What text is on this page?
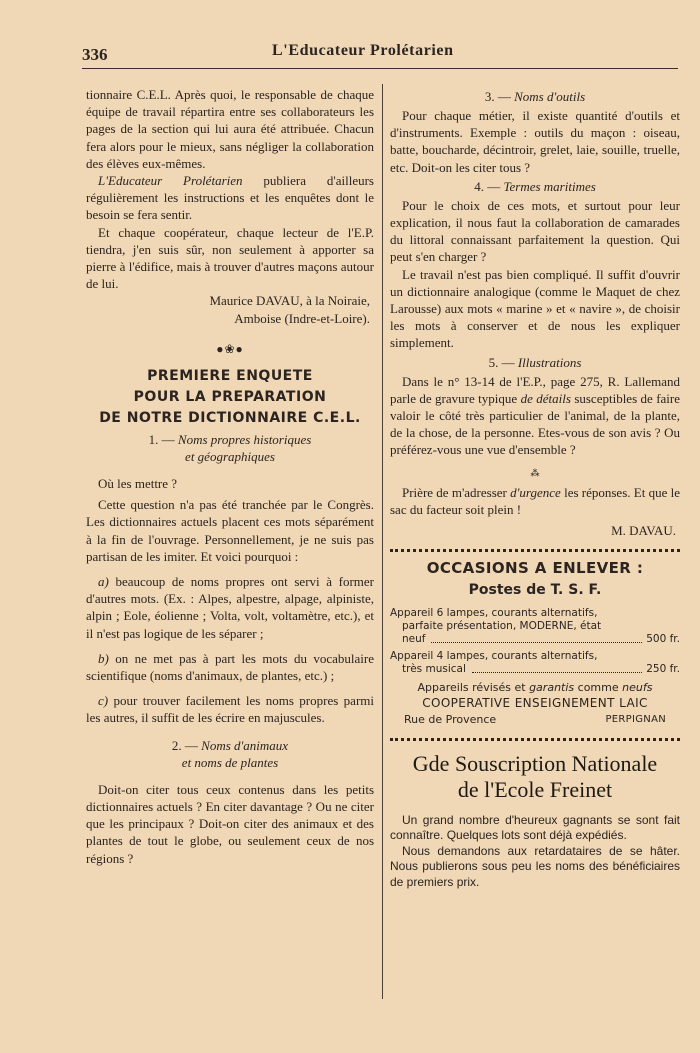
336	L'Educateur Prolétarien

tionnaire C.E.L. Après quoi, le responsable de chaque équipe de travail répartira entre ses collaborateurs les pages de la section qui lui aura été attribuée. Chacun fera alors pour le mieux, sans négliger la collaboration des élèves eux-mêmes.

L'Educateur Prolétarien publiera d'ailleurs régulièrement les instructions et les enquêtes dont le besoin se fera sentir.

Et chaque coopérateur, chaque lecteur de l'E.P. tiendra, j'en suis sûr, non seulement à apporter sa pierre à l'édifice, mais à trouver d'autres maçons autour de lui.

Maurice DAVAU, à la Noiraie,

Amboise (Indre-et-Loire).

●❀●
PREMIERE ENQUETE
POUR LA PREPARATION
DE NOTRE DICTIONNAIRE C.E.L.
1. — Noms propres historiques
et géographiques

Où les mettre ?

Cette question n'a pas été tranchée par le Congrès. Les dictionnaires actuels placent ces mots séparément à la fin de l'ouvrage. Personnellement, je ne suis pas partisan de les imiter. Et voici pourquoi :

a) beaucoup de noms propres ont servi à former d'autres mots. (Ex. : Alpes, alpestre, alpage, alpiniste, alpin ; Eole, éolienne ; Volta, volt, voltamètre, etc.), et il n'est pas logique de les séparer ;

b) on ne met pas à part les mots du vocabulaire scientifique (noms d'animaux, de plantes, etc.) ;

c) pour trouver facilement les noms propres parmi les autres, il suffit de les écrire en majuscules.

2. — Noms d'animaux
et noms de plantes

Doit-on citer tous ceux contenus dans les petits dictionnaires actuels ? En citer davantage ? Ou ne citer que les principaux ? Doit-on citer des animaux et des plantes de tout le globe, ou seulement ceux de nos régions ?

3. — Noms d'outils

Pour chaque métier, il existe quantité d'outils et d'instruments. Exemple : outils du maçon : oiseau, batte, boucharde, décintroir, grelet, laie, souille, truelle, etc. Doit-on les citer tous ?

4. — Termes maritimes

Pour le choix de ces mots, et surtout pour leur explication, il nous faut la collaboration de camarades du littoral connaissant parfaitement la question. Qui peut s'en charger ?

Le travail n'est pas bien compliqué. Il suffit d'ouvrir un dictionnaire analogique (comme le Maquet de chez Larousse) aux mots « marine » et « navire », de choisir les mots à conserver et de nous les expliquer simplement.

5. — Illustrations

Dans le n° 13-14 de l'E.P., page 275, R. Lallemand parle de gravure typique de détails susceptibles de faire valoir le côté très particulier de l'animal, de la plante, de la chose, de la personne. Etes-vous de son avis ? Ou préférez-vous une vue d'ensemble ?

⁂

Prière de m'adresser d'urgence les réponses. Et que le sac du facteur soit plein !

M. DAVAU.

OCCASIONS A ENLEVER :
Postes de T. S. F.
Appareil 6 lampes, courants alternatifs,
parfaite présentation, MODERNE, état
neuf	500 fr.
Appareil 4 lampes, courants alternatifs,
très musical	250 fr.
Appareils révisés et garantis comme neufs
COOPERATIVE ENSEIGNEMENT LAIC
Rue de Provence	PERPIGNAN
Gde Souscription Nationale
de l'Ecole Freinet

Un grand nombre d'heureux gagnants se sont fait connaître. Quelques lots sont déjà expédiés.

Nous demandons aux retardataires de se hâter. Nous publierons sous peu les noms des bénéficiaires de premiers prix.
